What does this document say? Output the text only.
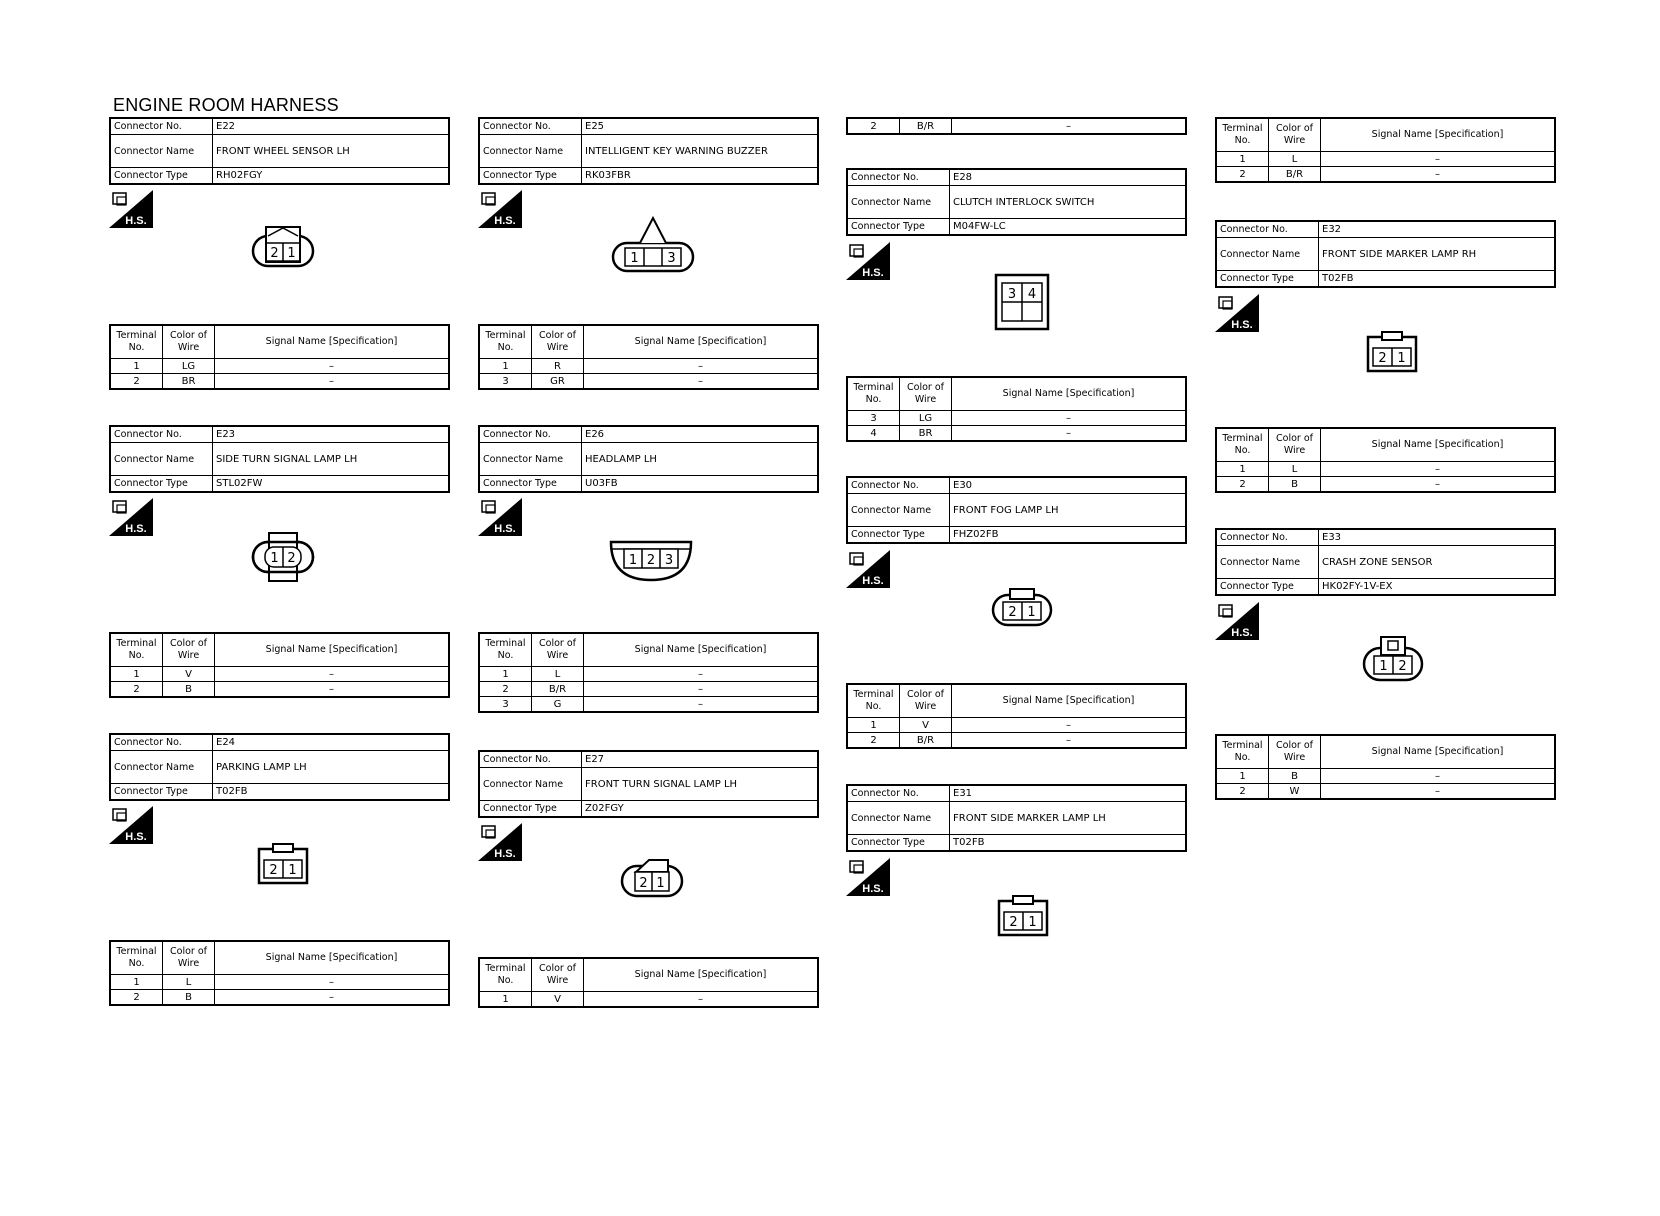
ENGINE ROOM HARNESS
Connector No.	E22
Connector Name	FRONT WHEEL SENSOR LH
Connector Type	RH02FGY
H.S.
2 1
Terminal No.	Color of Wire	Signal Name [Specification]
1	LG	–
2	BR	–
Connector No.	E23
Connector Name	SIDE TURN SIGNAL LAMP LH
Connector Type	STL02FW
H.S.
1 2
Terminal No.	Color of Wire	Signal Name [Specification]
1	V	–
2	B	–
Connector No.	E24
Connector Name	PARKING LAMP LH
Connector Type	T02FB
H.S.
2 1
Terminal No.	Color of Wire	Signal Name [Specification]
1	L	–
2	B	–
Connector No.	E25
Connector Name	INTELLIGENT KEY WARNING BUZZER
Connector Type	RK03FBR
H.S.
1 3
Terminal No.	Color of Wire	Signal Name [Specification]
1	R	–
3	GR	–
Connector No.	E26
Connector Name	HEADLAMP LH
Connector Type	U03FB
H.S.
1 2 3
Terminal No.	Color of Wire	Signal Name [Specification]
1	L	–
2	B/R	–
3	G	–
Connector No.	E27
Connector Name	FRONT TURN SIGNAL LAMP LH
Connector Type	Z02FGY
H.S.
2 1
Terminal No.	Color of Wire	Signal Name [Specification]
1	V	–
2	B/R	–
Connector No.	E28
Connector Name	CLUTCH INTERLOCK SWITCH
Connector Type	M04FW-LC
H.S.
3 4
Terminal No.	Color of Wire	Signal Name [Specification]
3	LG	–
4	BR	–
Connector No.	E30
Connector Name	FRONT FOG LAMP LH
Connector Type	FHZ02FB
H.S.
2 1
Terminal No.	Color of Wire	Signal Name [Specification]
1	V	–
2	B/R	–
Connector No.	E31
Connector Name	FRONT SIDE MARKER LAMP LH
Connector Type	T02FB
H.S.
2 1
Terminal No.	Color of Wire	Signal Name [Specification]
1	L	–
2	B/R	–
Connector No.	E32
Connector Name	FRONT SIDE MARKER LAMP RH
Connector Type	T02FB
H.S.
2 1
Terminal No.	Color of Wire	Signal Name [Specification]
1	L	–
2	B	–
Connector No.	E33
Connector Name	CRASH ZONE SENSOR
Connector Type	HK02FY-1V-EX
H.S.
1 2
Terminal No.	Color of Wire	Signal Name [Specification]
1	B	–
2	W	–
